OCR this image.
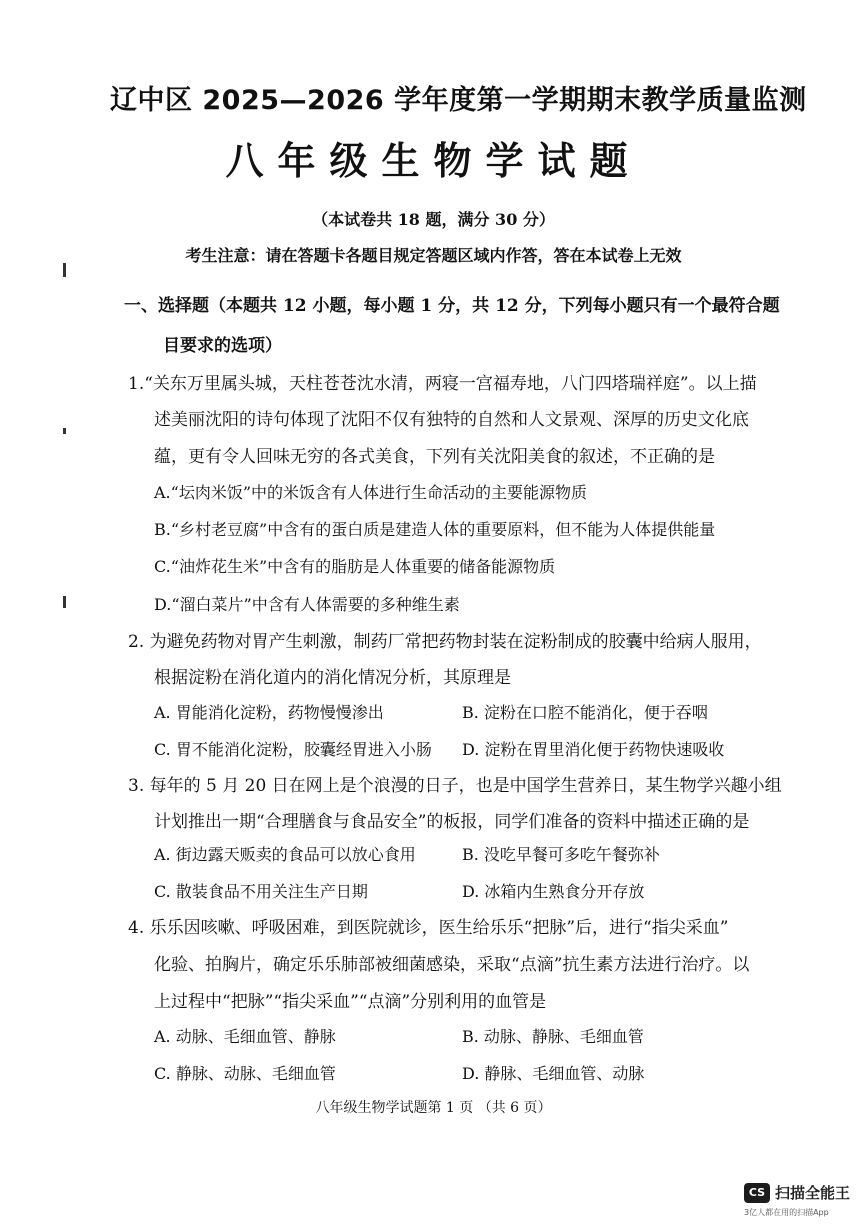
辽中区 2025—2026 学年度第一学期期末教学质量监测
八年级生物学试题
（本试卷共 18 题，满分 30 分）
考生注意：请在答题卡各题目规定答题区域内作答，答在本试卷上无效
一、选择题（本题共 12 小题，每小题 1 分，共 12 分，下列每小题只有一个最符合题
目要求的选项）
1.“关东万里属头城，天柱苍苍沈水清，两寝一宫福寿地，八门四塔瑞祥庭”。以上描
述美丽沈阳的诗句体现了沈阳不仅有独特的自然和人文景观、深厚的历史文化底
蕴，更有令人回味无穷的各式美食，下列有关沈阳美食的叙述，不正确的是
A.“坛肉米饭”中的米饭含有人体进行生命活动的主要能源物质
B.“乡村老豆腐”中含有的蛋白质是建造人体的重要原料，但不能为人体提供能量
C.“油炸花生米”中含有的脂肪是人体重要的储备能源物质
D.“溜白菜片”中含有人体需要的多种维生素
2. 为避免药物对胃产生刺激，制药厂常把药物封装在淀粉制成的胶囊中给病人服用，
根据淀粉在消化道内的消化情况分析，其原理是
A. 胃能消化淀粉，药物慢慢渗出	B. 淀粉在口腔不能消化，便于吞咽
C. 胃不能消化淀粉，胶囊经胃进入小肠 D. 淀粉在胃里消化便于药物快速吸收
3. 每年的 5 月 20 日在网上是个浪漫的日子，也是中国学生营养日，某生物学兴趣小组
计划推出一期“合理膳食与食品安全”的板报，同学们准备的资料中描述正确的是
A. 街边露天贩卖的食品可以放心食用	B. 没吃早餐可多吃午餐弥补
C. 散装食品不用关注生产日期	D. 冰箱内生熟食分开存放
4. 乐乐因咳嗽、呼吸困难，到医院就诊，医生给乐乐“把脉”后，进行“指尖采血”
化验、拍胸片，确定乐乐肺部被细菌感染，采取“点滴”抗生素方法进行治疗。以
上过程中“把脉”“指尖采血”“点滴”分别利用的血管是
A. 动脉、毛细血管、静脉	B. 动脉、静脉、毛细血管
C. 静脉、动脉、毛细血管	D. 静脉、毛细血管、动脉
八年级生物学试题第 1 页 （共 6 页）
CS 扫描全能王
3亿人都在用的扫描App
